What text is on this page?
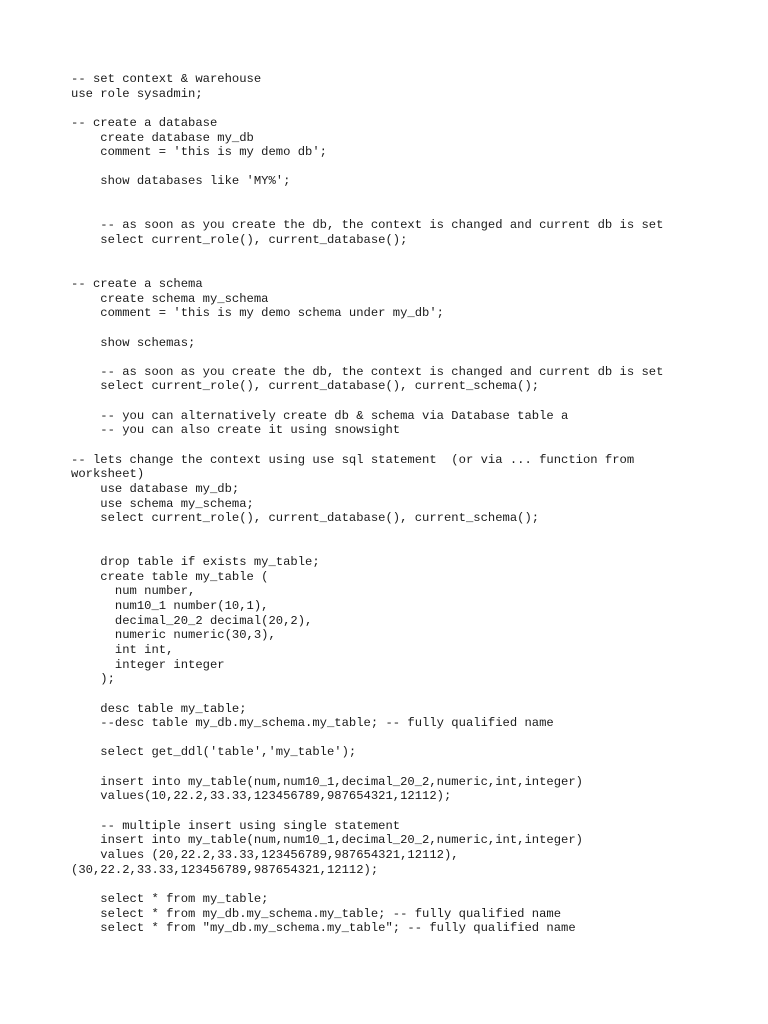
-- set context & warehouse
use role sysadmin;
-- create a database
create database my_db
comment = 'this is my demo db';
show databases like 'MY%';
-- as soon as you create the db, the context is changed and current db is set
select current_role(), current_database();
-- create a schema
create schema my_schema
comment = 'this is my demo schema under my_db';
show schemas;
-- as soon as you create the db, the context is changed and current db is set
select current_role(), current_database(), current_schema();
-- you can alternatively create db & schema via Database table a
-- you can also create it using snowsight
-- lets change the context using use sql statement  (or via ... function from
worksheet)
use database my_db;
use schema my_schema;
select current_role(), current_database(), current_schema();
drop table if exists my_table;
create table my_table (
num number,
num10_1 number(10,1),
decimal_20_2 decimal(20,2),
numeric numeric(30,3),
int int,
integer integer
);
desc table my_table;
--desc table my_db.my_schema.my_table; -- fully qualified name
select get_ddl('table','my_table');
insert into my_table(num,num10_1,decimal_20_2,numeric,int,integer)
values(10,22.2,33.33,123456789,987654321,12112);
-- multiple insert using single statement
insert into my_table(num,num10_1,decimal_20_2,numeric,int,integer)
values (20,22.2,33.33,123456789,987654321,12112),
(30,22.2,33.33,123456789,987654321,12112);
select * from my_table;
select * from my_db.my_schema.my_table; -- fully qualified name
select * from "my_db.my_schema.my_table"; -- fully qualified name
